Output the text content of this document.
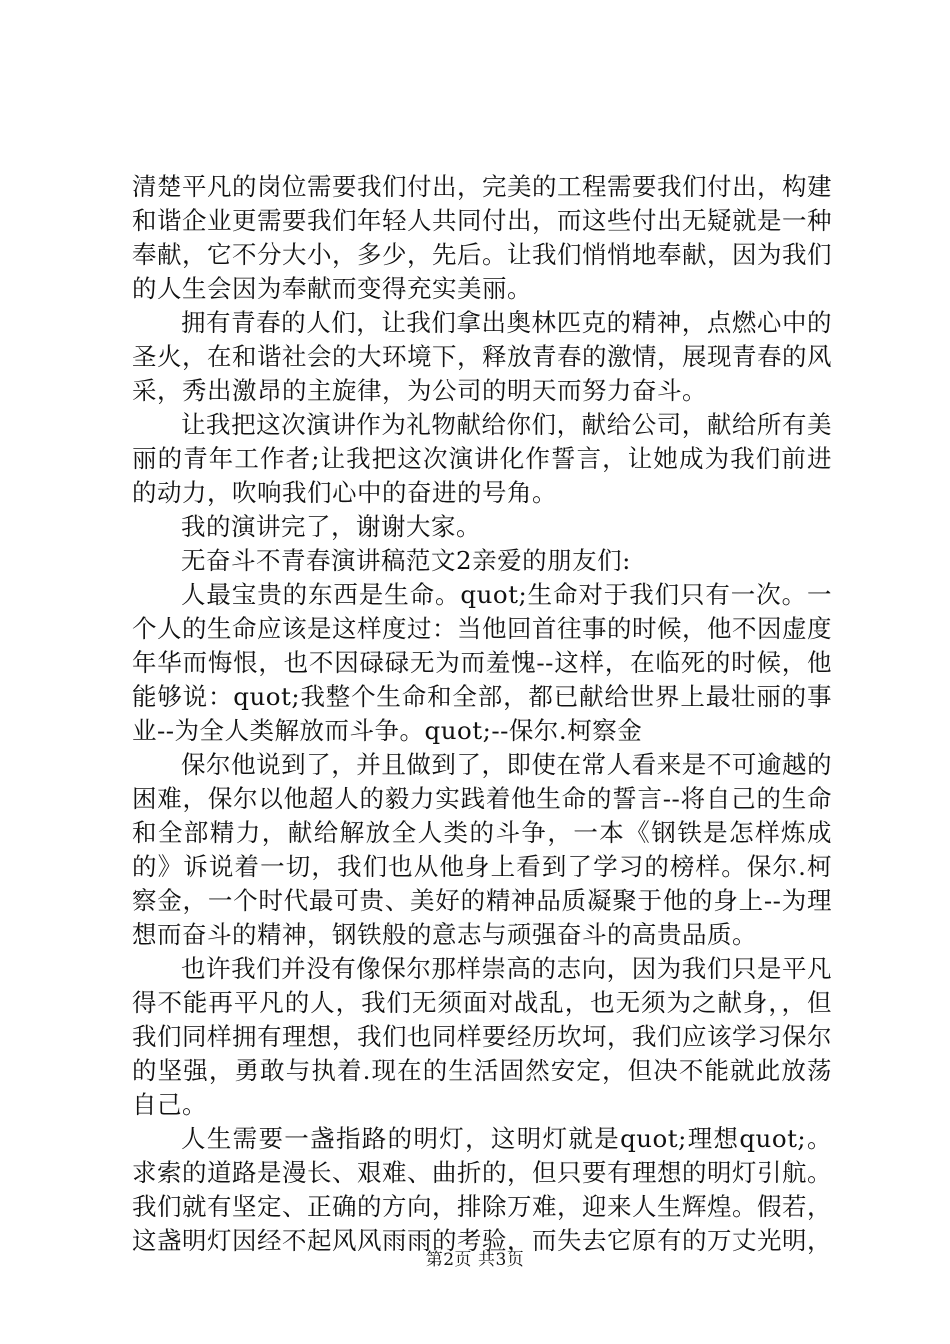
清楚平凡的岗位需要我们付出，完美的工程需要我们付出，构建和谐企业更需要我们年轻人共同付出，而这些付出无疑就是一种奉献，它不分大小，多少，先后。让我们悄悄地奉献，因为我们的人生会因为奉献而变得充实美丽。

拥有青春的人们，让我们拿出奥林匹克的精神，点燃心中的圣火，在和谐社会的大环境下，释放青春的激情，展现青春的风采，秀出激昂的主旋律，为公司的明天而努力奋斗。

让我把这次演讲作为礼物献给你们，献给公司，献给所有美丽的青年工作者;让我把这次演讲化作誓言，让她成为我们前进的动力，吹响我们心中的奋进的号角。

我的演讲完了，谢谢大家。

无奋斗不青春演讲稿范文2亲爱的朋友们:

人最宝贵的东西是生命。quot;生命对于我们只有一次。一个人的生命应该是这样度过：当他回首往事的时候，他不因虚度年华而悔恨，也不因碌碌无为而羞愧--这样，在临死的时候，他能够说：quot;我整个生命和全部，都已献给世界上最壮丽的事业--为全人类解放而斗争。quot;--保尔.柯察金

保尔他说到了，并且做到了，即使在常人看来是不可逾越的困难，保尔以他超人的毅力实践着他生命的誓言--将自己的生命和全部精力，献给解放全人类的斗争，一本《钢铁是怎样炼成的》诉说着一切，我们也从他身上看到了学习的榜样。保尔.柯察金，一个时代最可贵、美好的精神品质凝聚于他的身上--为理想而奋斗的精神，钢铁般的意志与顽强奋斗的高贵品质。

也许我们并没有像保尔那样崇高的志向，因为我们只是平凡得不能再平凡的人，我们无须面对战乱，也无须为之献身，，但我们同样拥有理想，我们也同样要经历坎坷，我们应该学习保尔的坚强，勇敢与执着.现在的生活固然安定，但决不能就此放荡自己。

人生需要一盏指路的明灯，这明灯就是quot;理想quot;。求索的道路是漫长、艰难、曲折的，但只要有理想的明灯引航。我们就有坚定、正确的方向，排除万难，迎来人生辉煌。假若，这盏明灯因经不起风风雨雨的考验，而失去它原有的万丈光明，

第2页 共3页
